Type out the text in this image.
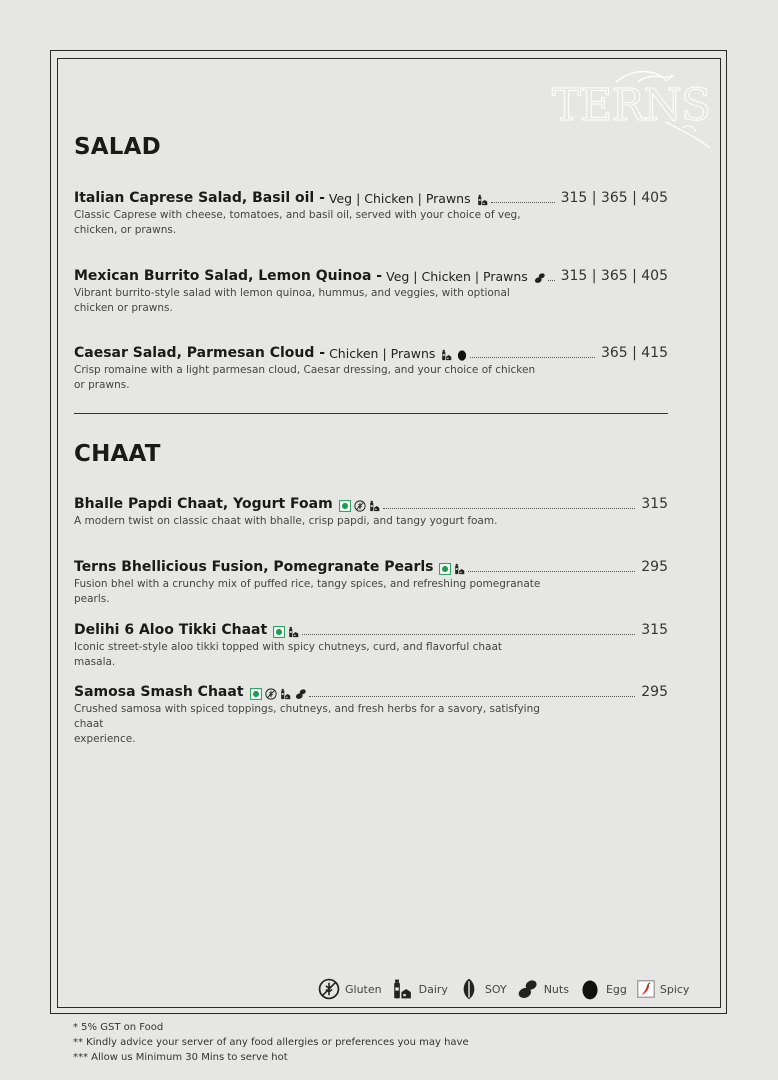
TERNS
SALAD
Italian Caprese Salad, Basil oil - Veg | Chicken | Prawns	315 | 365 | 405
Classic Caprese with cheese, tomatoes, and basil oil, served with your choice of veg,
chicken, or prawns.
Mexican Burrito Salad, Lemon Quinoa - Veg | Chicken | Prawns 315 | 365 | 405
Vibrant burrito-style salad with lemon quinoa, hummus, and veggies, with optional
chicken or prawns.
Caesar Salad, Parmesan Cloud - Chicken | Prawns	365 | 415
Crisp romaine with a light parmesan cloud, Caesar dressing, and your choice of chicken
or prawns.
CHAAT
Bhalle Papdi Chaat, Yogurt Foam	315
A modern twist on classic chaat with bhalle, crisp papdi, and tangy yogurt foam.
Terns Bhellicious Fusion, Pomegranate Pearls	295
Fusion bhel with a crunchy mix of puffed rice, tangy spices, and refreshing pomegranate pearls.
Delihi 6 Aloo Tikki Chaat	315
Iconic street-style aloo tikki topped with spicy chutneys, curd, and flavorful chaat masala.
Samosa Smash Chaat	295
Crushed samosa with spiced toppings, chutneys, and fresh herbs for a savory, satisfying chaat
experience.
Gluten	Dairy	SOY	Nuts	Egg	Spicy
* 5% GST on Food
** Kindly advice your server of any food allergies or preferences you may have
*** Allow us Minimum 30 Mins to serve hot
